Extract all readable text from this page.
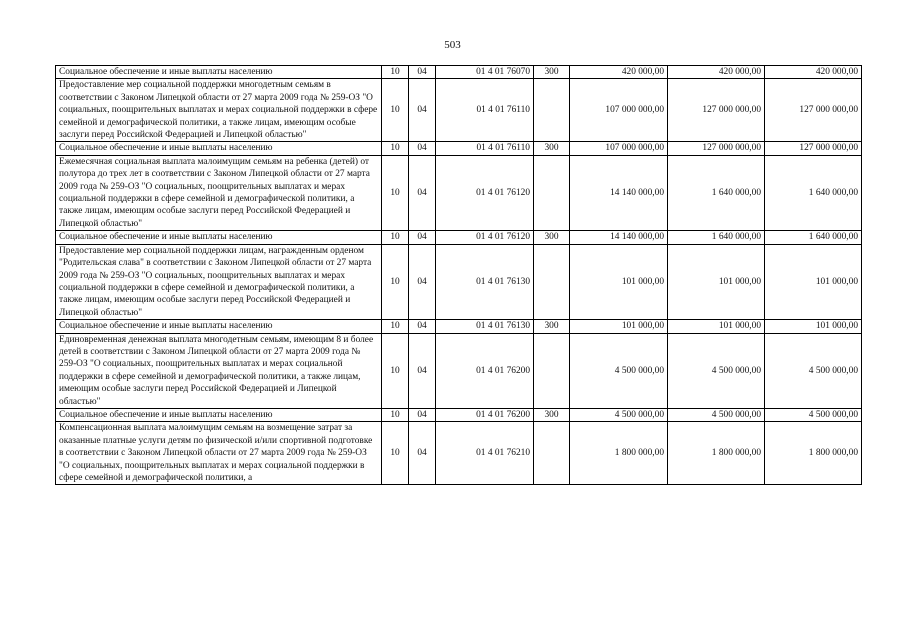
503
Социальное обеспечение и иные выплаты населению	10	04	01 4 01 76070	300	420 000,00	420 000,00	420 000,00
Предоставление мер социальной поддержки многодетным семьям в соответствии с Законом Липецкой области от 27 марта 2009 года № 259-ОЗ "О социальных, поощрительных выплатах и мерах социальной поддержки в сфере семейной и демографической политики, а также лицам, имеющим особые заслуги перед Российской Федерацией и Липецкой областью"	10	04	01 4 01 76110		107 000 000,00	127 000 000,00	127 000 000,00
Социальное обеспечение и иные выплаты населению	10	04	01 4 01 76110	300	107 000 000,00	127 000 000,00	127 000 000,00
Ежемесячная социальная выплата малоимущим семьям на ребенка (детей) от полутора до трех лет в соответствии с Законом Липецкой области от 27 марта 2009 года № 259-ОЗ "О социальных, поощрительных выплатах и мерах социальной поддержки в сфере семейной и демографической политики, а также лицам, имеющим особые заслуги перед Российской Федерацией и Липецкой областью"	10	04	01 4 01 76120		14 140 000,00	1 640 000,00	1 640 000,00
Социальное обеспечение и иные выплаты населению	10	04	01 4 01 76120	300	14 140 000,00	1 640 000,00	1 640 000,00
Предоставление мер социальной поддержки лицам, награжденным орденом "Родительская слава" в соответствии с Законом Липецкой области от 27 марта 2009 года № 259-ОЗ "О социальных, поощрительных выплатах и мерах социальной поддержки в сфере семейной и демографической политики, а также лицам, имеющим особые заслуги перед Российской Федерацией и Липецкой областью"	10	04	01 4 01 76130		101 000,00	101 000,00	101 000,00
Социальное обеспечение и иные выплаты населению	10	04	01 4 01 76130	300	101 000,00	101 000,00	101 000,00
Единовременная денежная выплата многодетным семьям, имеющим 8 и более детей в соответствии с Законом Липецкой области от 27 марта 2009 года № 259-ОЗ "О социальных, поощрительных выплатах и мерах социальной поддержки в сфере семейной и демографической политики, а также лицам, имеющим особые заслуги перед Российской Федерацией и Липецкой областью"	10	04	01 4 01 76200		4 500 000,00	4 500 000,00	4 500 000,00
Социальное обеспечение и иные выплаты населению	10	04	01 4 01 76200	300	4 500 000,00	4 500 000,00	4 500 000,00
Компенсационная выплата малоимущим семьям на возмещение затрат за оказанные платные услуги детям по физической и/или спортивной подготовке в соответствии с Законом Липецкой области от 27 марта 2009 года № 259-ОЗ "О социальных, поощрительных выплатах и мерах социальной поддержки в сфере семейной и демографической политики, а	10	04	01 4 01 76210		1 800 000,00	1 800 000,00	1 800 000,00
